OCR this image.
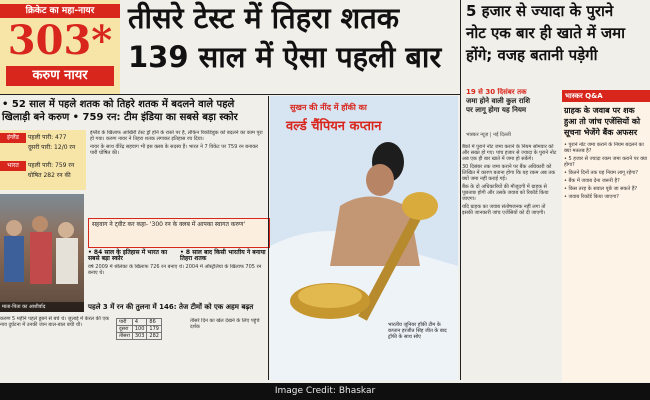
क्रिकेट का महा-नायर
303*
करुण नायर
तीसरे टेस्ट में तिहरा शतक
139 साल में ऐसा पहली बार
• 52 साल में पहले शतक को तिहरे शतक में बदलने वाले पहले
खिलाड़ी बने करुण • 759 रन: टीम इंडिया का सबसे बड़ा स्कोर
इंग्लैंड	पहली पारी: 477
दूसरी पारी: 12/0 रन
भारत	पहली पारी: 759 रन
घोषित 282 रन की

इंग्लैंड के खिलाफ आखिरी टेस्ट ड्रॉ होने के रास्ते पर है, लेकिन रिकॉर्डबुक को बदलने का काम पूरा हो गया। करुण नायर ने तिहरा शतक लगाकर इतिहास रच दिया।

नायर के साथ वीरेंद्र सहवाग भी इस क्लब के सदस्य हैं। भारत ने 7 विकेट पर 759 रन बनाकर पारी घोषित की।

सहवाग ने ट्वीट कर कहा- '300 रन के क्लब में आपका स्वागत करुण'
• 84 साल के इतिहास में भारत का सबसे बड़ा स्कोर
• 8 साल बाद किसी भारतीय ने बनाया तिहरा शतक

वर्ष 2009 में श्रीलंका के खिलाफ 726 रन बनाए थे। 2004 में ऑस्ट्रेलिया के खिलाफ 705 रन बनाए थे।

माता-पिता का आशीर्वाद	पहले 3 में रन की तुलना में 146: तेज टीमों को एक अहम बढ़त

करुण 5 महीने पहले डूबने से बचे थे। जुलाई में केरल की एक नाव दुर्घटना में उनकी जान बाल-बाल बची थी।	पारी	4	86
दूसरा	100	179
तीसरा	303	282

तीसरे दिन का खेल देखने के लिए पहुंचे दर्शक

सुखन की नींद में हॉकी का
वर्ल्ड चैंपियन कप्तान
भारतीय जूनियर हॉकी टीम के कप्तान हरजीत सिंह जीत के बाद ट्रॉफी के साथ सोए
5 हजार से ज्यादा के पुराने
नोट एक बार ही खाते में जमा
होंगे; वजह बतानी पड़ेगी
19 से 30 दिसंबर तक
जमा होने वाली कुल राशि
पर लागू होगा यह नियम
भास्कर न्यूज़ | नई दिल्ली

बैंकों में पुराने नोट जमा कराने के नियम सोमवार को और सख्त हो गए। पांच हजार से ज्यादा के पुराने नोट अब एक ही बार खाते में जमा हो सकेंगे।

30 दिसंबर तक जमा कराने पर बैंक अधिकारी को लिखित में कारण बताना होगा कि यह रकम अब तक क्यों जमा नहीं कराई गई।

बैंक के दो अधिकारियों की मौजूदगी में ग्राहक से पूछताछ होगी और उसके जवाब को रिकॉर्ड किया जाएगा।

यदि ग्राहक का जवाब संतोषजनक नहीं लगा तो इसकी जानकारी जांच एजेंसियों को दी जाएगी।

भास्कर Q&A
ग्राहक के जवाब पर शक
हुआ तो जांच एजेंसियों को
सूचना भेजेंगे बैंक अफसर

• पुराने नोट जमा कराने के नियम बदलने का क्या मतलब है?

• 5 हजार से ज्यादा रकम जमा कराने पर क्या होगा?

• कितने दिनों तक यह नियम लागू रहेगा?

• बैंक में जवाब देना जरूरी है?

• किस तरह के सवाल पूछे जा सकते हैं?

• जवाब रिकॉर्ड किया जाएगा?

Image Credit: Bhaskar
